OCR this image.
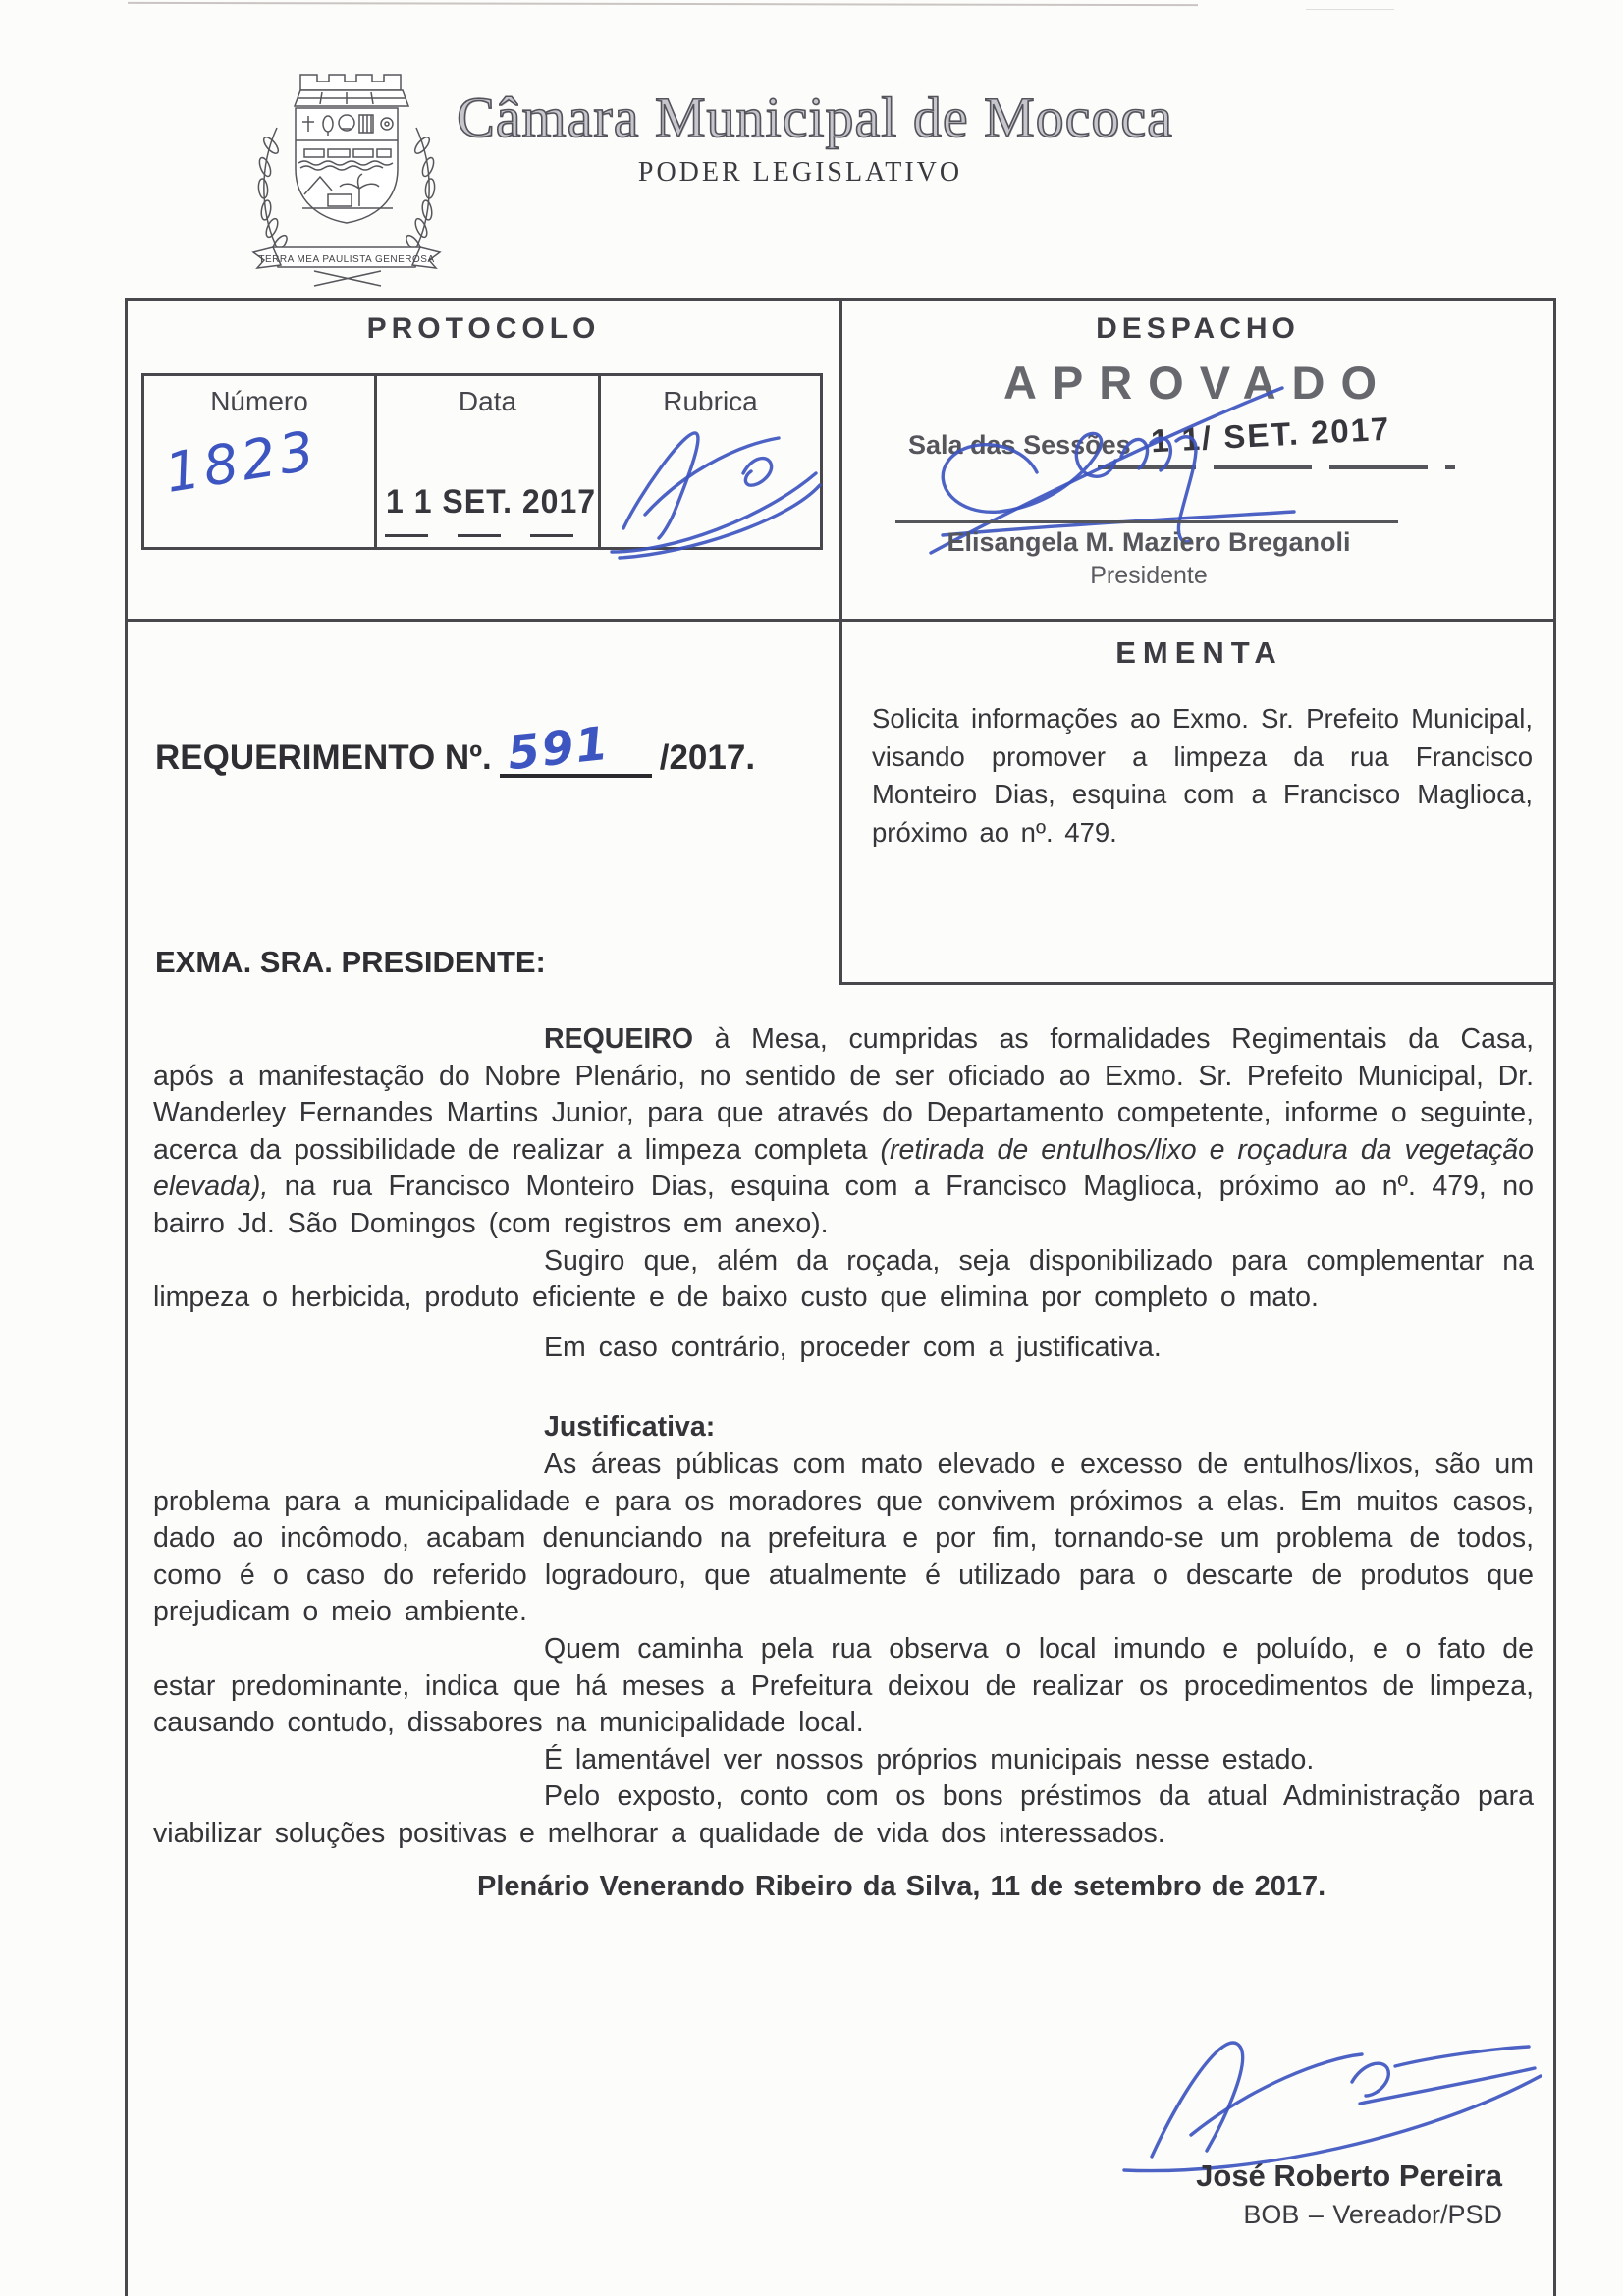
TERRA MEA PAULISTA GENEROSA
Câmara Municipal de Mococa
PODER LEGISLATIVO
PROTOCOLO
Número	Data	Rubrica
1823 1 1 SET. 2017
DESPACHO
APROVADO
Sala das Sessões 1 1/ SET. 2017
Elisangela M. Maziero Breganoli
Presidente
EMENTA
Solicita informações ao Exmo. Sr. Prefeito Municipal, visando promover a limpeza da rua Francisco Monteiro Dias, esquina com a Francisco Maglioca, próximo ao nº. 479.
REQUERIMENTO Nº. 591 /2017.
EXMA. SRA. PRESIDENTE:

REQUEIRO à Mesa, cumpridas as formalidades Regimentais da Casa, após a manifestação do Nobre Plenário, no sentido de ser oficiado ao Exmo. Sr. Prefeito Municipal, Dr. Wanderley Fernandes Martins Junior, para que através do Departamento competente, informe o seguinte, acerca da possibilidade de realizar a limpeza completa (retirada de entulhos/lixo e roçadura da vegetação elevada), na rua Francisco Monteiro Dias, esquina com a Francisco Maglioca, próximo ao nº. 479, no bairro Jd. São Domingos (com registros em anexo).

Sugiro que, além da roçada, seja disponibilizado para complementar na limpeza o herbicida, produto eficiente e de baixo custo que elimina por completo o mato.

Em caso contrário, proceder com a justificativa.

Justificativa:

As áreas públicas com mato elevado e excesso de entulhos/lixos, são um problema para a municipalidade e para os moradores que convivem próximos a elas. Em muitos casos, dado ao incômodo, acabam denunciando na prefeitura e por fim, tornando-se um problema de todos, como é o caso do referido logradouro, que atualmente é utilizado para o descarte de produtos que prejudicam o meio ambiente.

Quem caminha pela rua observa o local imundo e poluído, e o fato de estar predominante, indica que há meses a Prefeitura deixou de realizar os procedimentos de limpeza, causando contudo, dissabores na municipalidade local.

É lamentável ver nossos próprios municipais nesse estado.

Pelo exposto, conto com os bons préstimos da atual Administração para viabilizar soluções positivas e melhorar a qualidade de vida dos interessados.

Plenário Venerando Ribeiro da Silva, 11 de setembro de 2017.

José Roberto Pereira
BOB – Vereador/PSD
